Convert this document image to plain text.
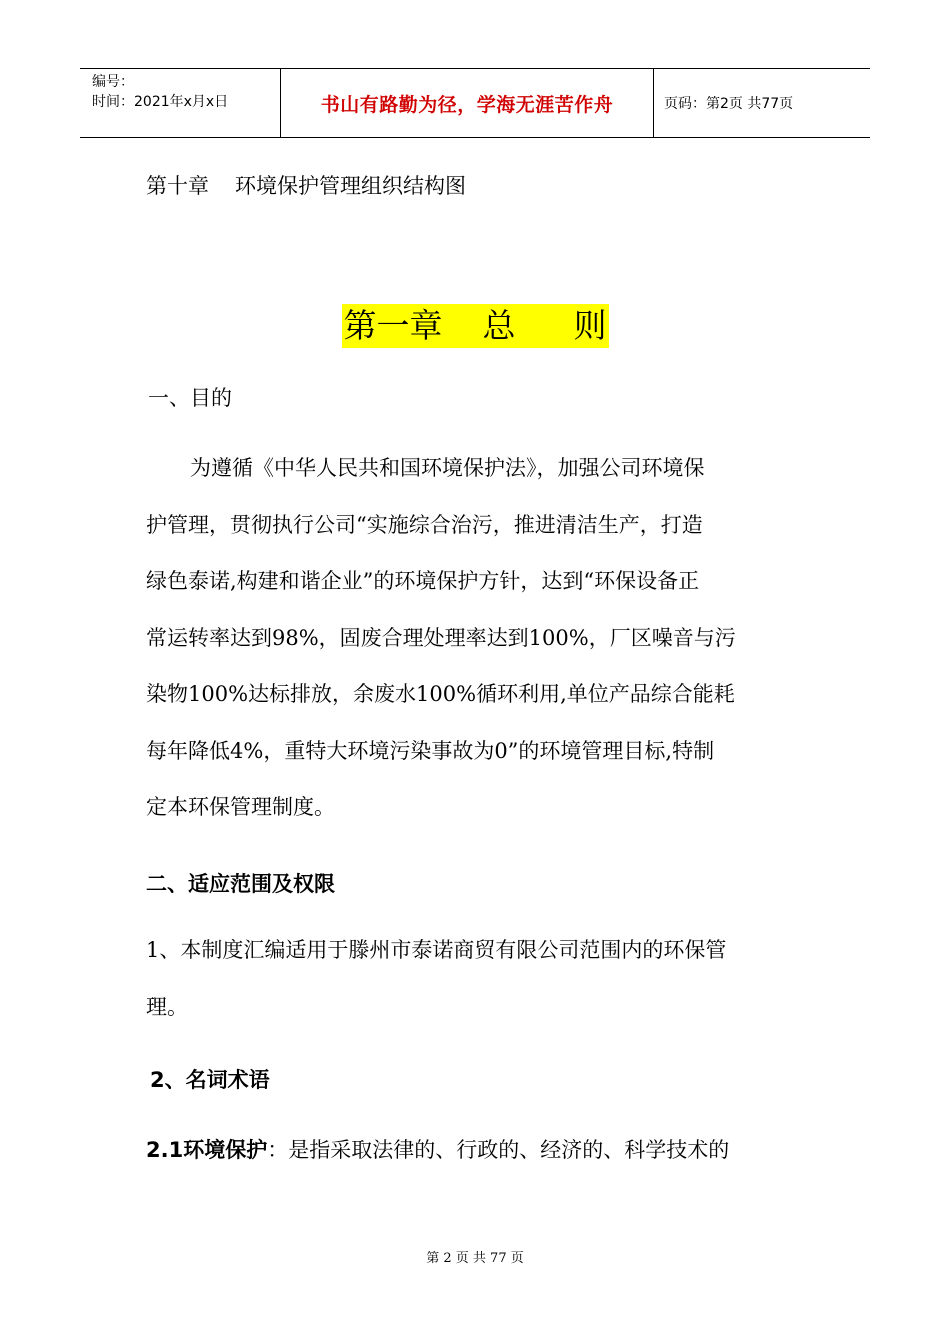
编号：
时间：2021年x月x日	书山有路勤为径，学海无涯苦作舟	页码：第2页 共77页
第十章 环境保护管理组织结构图
第一章 总 则
一、目的

为遵循《中华人民共和国环境保护法》，加强公司环境保

护管理，贯彻执行公司“实施综合治污，推进清洁生产，打造

绿色泰诺,构建和谐企业”的环境保护方针，达到“环保设备正

常运转率达到98%，固废合理处理率达到100%，厂区噪音与污

染物100%达标排放，余废水100%循环利用,单位产品综合能耗

每年降低4%，重特大环境污染事故为0”的环境管理目标,特制

定本环保管理制度。

二、适应范围及权限

1、本制度汇编适用于滕州市泰诺商贸有限公司范围内的环保管

理。

2、名词术语
2.1环境保护：是指采取法律的、行政的、经济的、科学技术的
第 2 页 共 77 页
